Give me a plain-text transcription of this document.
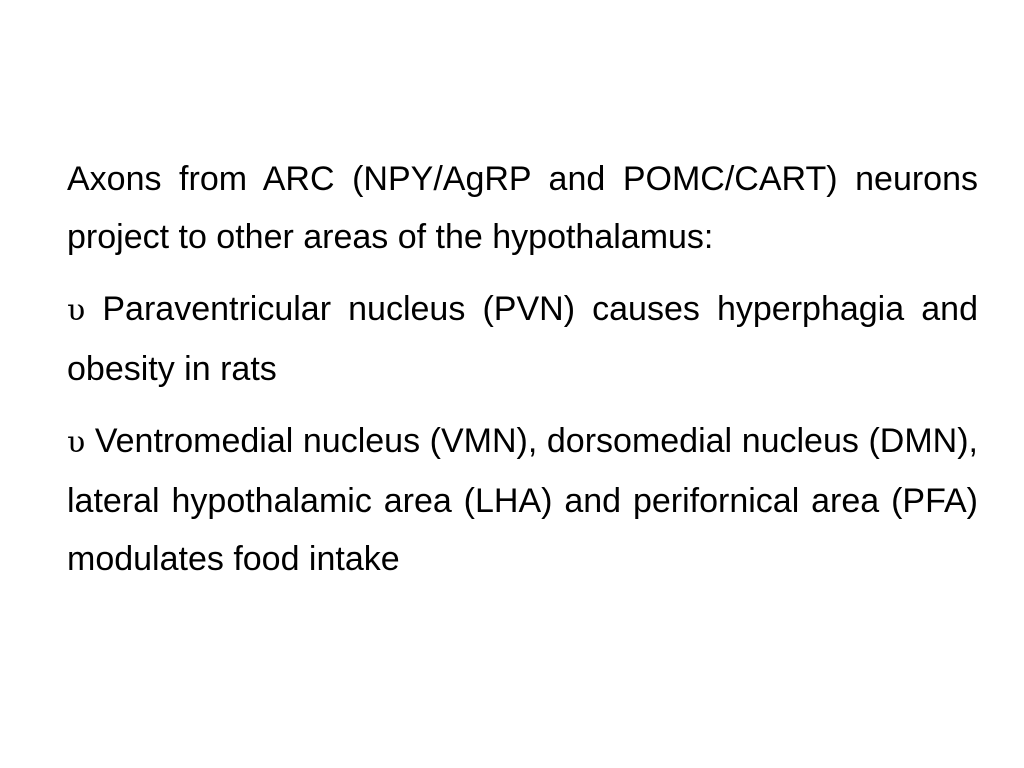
Axons from ARC (NPY/AgRP and POMC/CART) neurons project to other areas of the hypothalamus:

υ Paraventricular nucleus (PVN) causes hyperphagia and obesity in rats

υ Ventromedial nucleus (VMN), dorsomedial nucleus (DMN), lateral hypothalamic area (LHA) and perifornical area (PFA) modulates food intake
